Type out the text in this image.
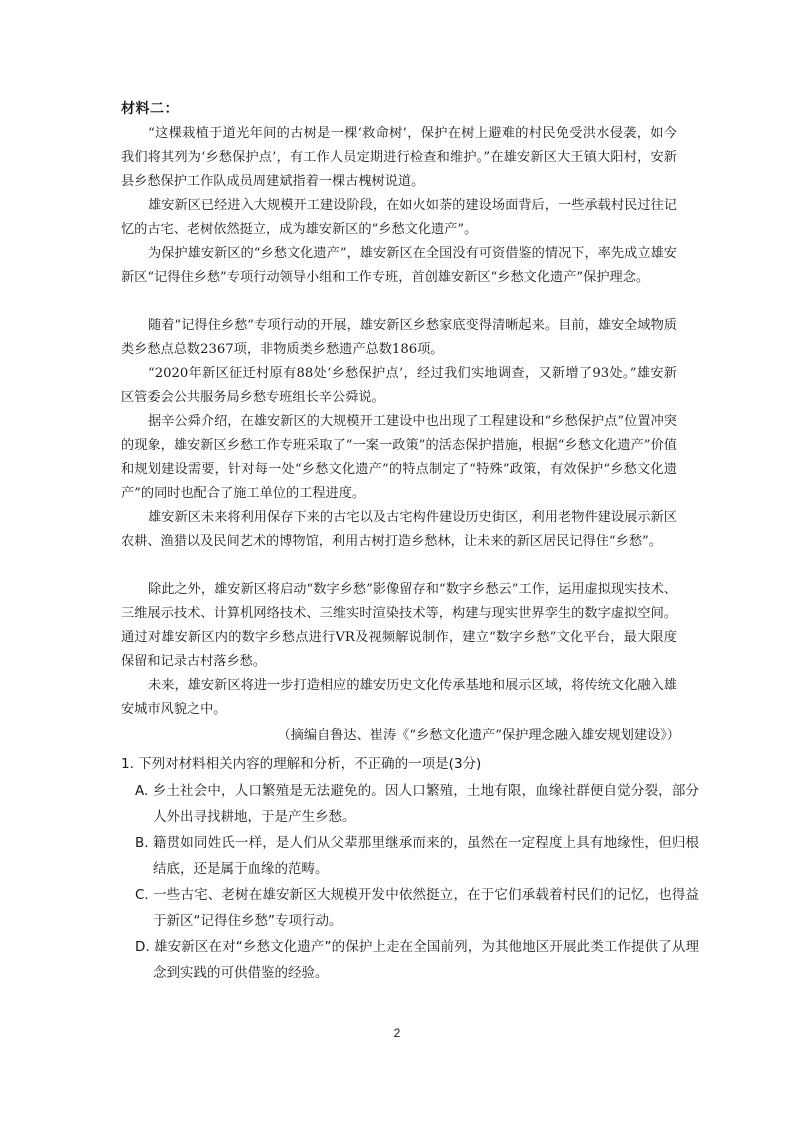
材料二：

“这棵栽植于道光年间的古树是一棵‘救命树’，保护在树上避难的村民免受洪水侵袭，如今我们将其列为‘乡愁保护点’，有工作人员定期进行检查和维护。”在雄安新区大王镇大阳村，安新县乡愁保护工作队成员周建斌指着一棵古槐树说道。

雄安新区已经进入大规模开工建设阶段，在如火如荼的建设场面背后，一些承载村民过往记忆的古宅、老树依然挺立，成为雄安新区的“乡愁文化遗产”。

为保护雄安新区的“乡愁文化遗产”，雄安新区在全国没有可资借鉴的情况下，率先成立雄安新区“记得住乡愁”专项行动领导小组和工作专班，首创雄安新区“乡愁文化遗产”保护理念。

随着“记得住乡愁”专项行动的开展，雄安新区乡愁家底变得清晰起来。目前，雄安全域物质类乡愁点总数2367项，非物质类乡愁遗产总数186项。

“2020年新区征迁村原有88处‘乡愁保护点’，经过我们实地调查，又新增了93处。”雄安新区管委会公共服务局乡愁专班组长辛公舜说。

据辛公舜介绍，在雄安新区的大规模开工建设中也出现了工程建设和“乡愁保护点”位置冲突的现象，雄安新区乡愁工作专班采取了“一案一政策”的活态保护措施，根据“乡愁文化遗产”价值和规划建设需要，针对每一处“乡愁文化遗产”的特点制定了“特殊”政策，有效保护“乡愁文化遗产”的同时也配合了施工单位的工程进度。

雄安新区未来将利用保存下来的古宅以及古宅构件建设历史街区，利用老物件建设展示新区农耕、渔猎以及民间艺术的博物馆，利用古树打造乡愁林，让未来的新区居民记得住“乡愁”。

除此之外，雄安新区将启动“数字乡愁”影像留存和“数字乡愁云”工作，运用虚拟现实技术、三维展示技术、计算机网络技术、三维实时渲染技术等，构建与现实世界孪生的数字虚拟空间。通过对雄安新区内的数字乡愁点进行VR及视频解说制作，建立“数字乡愁”文化平台，最大限度保留和记录古村落乡愁。

未来，雄安新区将进一步打造相应的雄安历史文化传承基地和展示区域，将传统文化融入雄安城市风貌之中。

（摘编自鲁达、崔涛《“乡愁文化遗产”保护理念融入雄安规划建设》）

1. 下列对材料相关内容的理解和分析，不正确的一项是(3分)

A. 乡土社会中，人口繁殖是无法避免的。因人口繁殖，土地有限，血缘社群便自觉分裂，部分人外出寻找耕地，于是产生乡愁。

B. 籍贯如同姓氏一样，是人们从父辈那里继承而来的，虽然在一定程度上具有地缘性，但归根结底，还是属于血缘的范畴。

C. 一些古宅、老树在雄安新区大规模开发中依然挺立，在于它们承载着村民们的记忆，也得益于新区“记得住乡愁”专项行动。

D. 雄安新区在对“乡愁文化遗产”的保护上走在全国前列，为其他地区开展此类工作提供了从理念到实践的可供借鉴的经验。

2
